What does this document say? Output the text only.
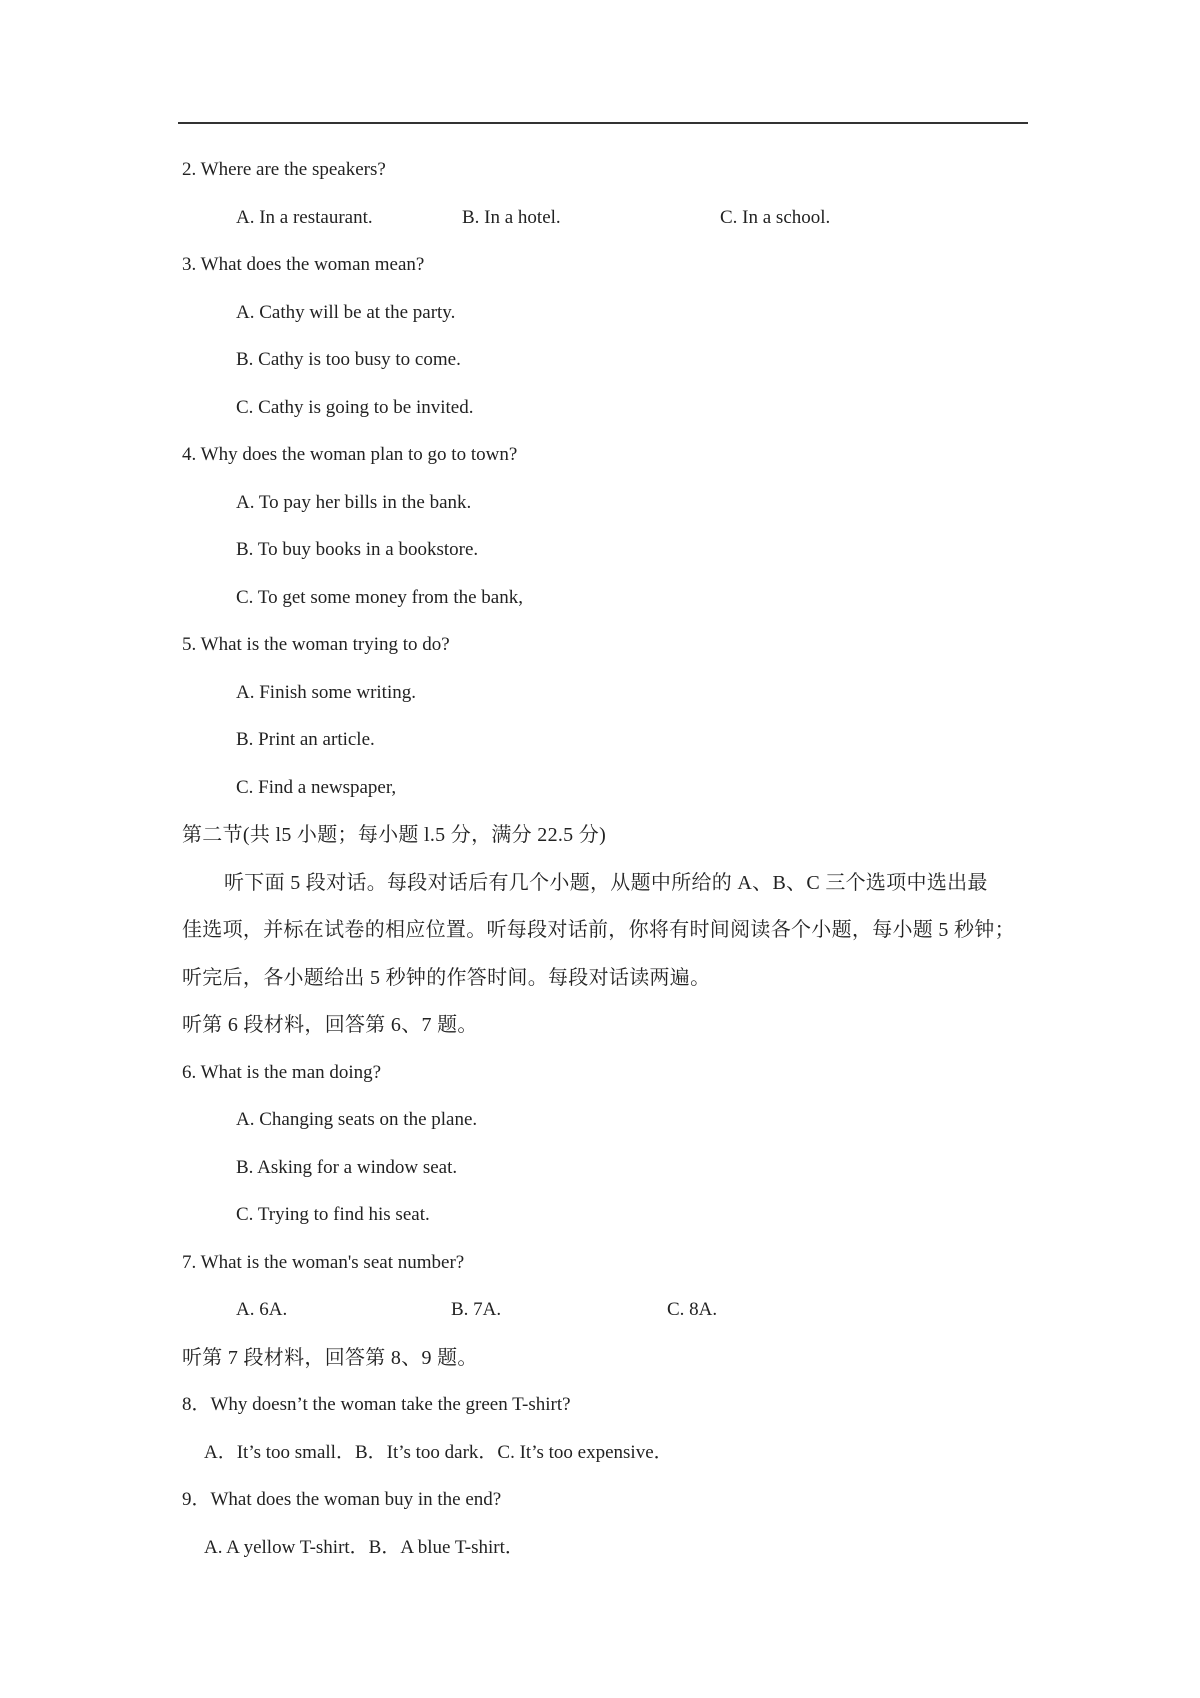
2. Where are the speakers?
A. In a restaurant.	B. In a hotel.	C. In a school.
3. What does the woman mean?
A. Cathy will be at the party.
B. Cathy is too busy to come.
C. Cathy is going to be invited.
4. Why does the woman plan to go to town?
A. To pay her bills in the bank.
B. To buy books in a bookstore.
C. To get some money from the bank,
5. What is the woman trying to do?
A. Finish some writing.
B. Print an article.
C. Find a newspaper,
第二节(共 l5 小题；每小题 l.5 分，满分 22.5 分)
听下面 5 段对话。每段对话后有几个小题，从题中所给的 A、B、C 三个选项中选出最
佳选项，并标在试卷的相应位置。听每段对话前，你将有时间阅读各个小题，每小题 5 秒钟；
听完后，各小题给出 5 秒钟的作答时间。每段对话读两遍。
听第 6 段材料，回答第 6、7 题。
6. What is the man doing?
A. Changing seats on the plane.
B. Asking for a window seat.
C. Trying to find his seat.
7. What is the woman's seat number?
A. 6A.	B. 7A.	C. 8A.
听第 7 段材料，回答第 8、9 题。
8．Why doesn’t the woman take the green T-shirt?
A．It’s too small．B．It’s too dark．C. It’s too expensive．
9．What does the woman buy in the end?
A. A yellow T-shirt．B．A blue T-shirt．
